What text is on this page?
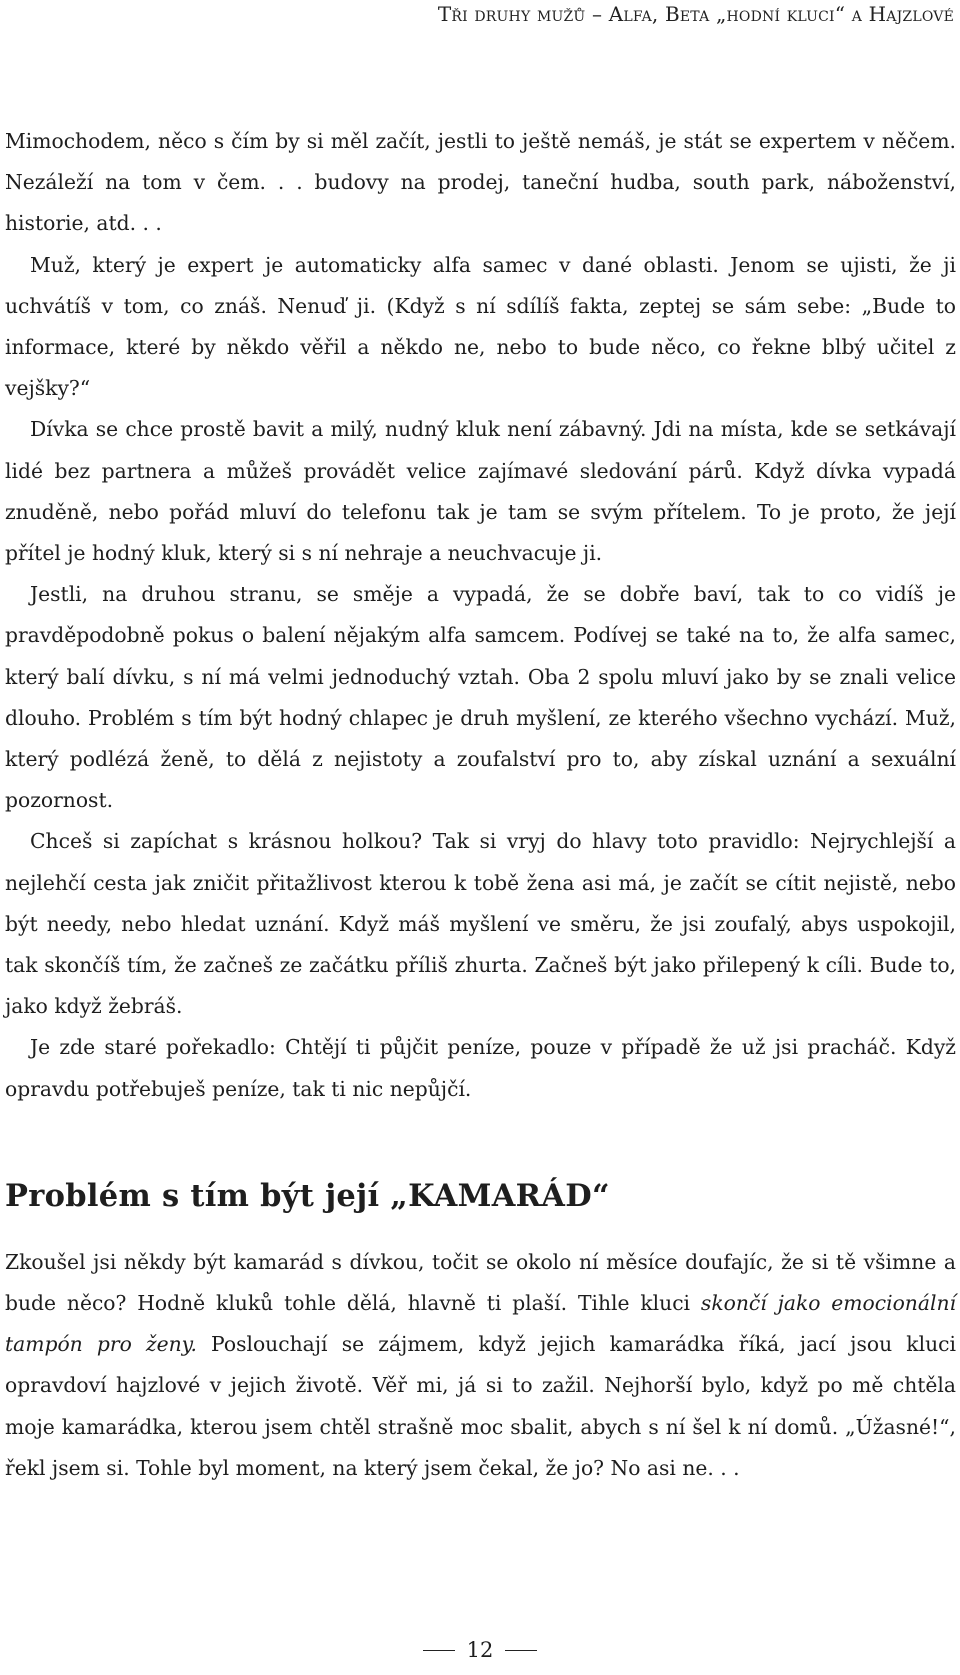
Tři druhy mužů – Alfa, Beta „hodní kluci“ a Hajzlové

Mimochodem, něco s čím by si měl začít, jestli to ještě nemáš, je stát se expertem v něčem. Nezáleží na tom v čem. . . budovy na prodej, taneční hudba, south park, náboženství, historie, atd. . .

Muž, který je expert je automaticky alfa samec v dané oblasti. Jenom se ujisti, že ji uchvátíš v tom, co znáš. Nenuď ji. (Když s ní sdílíš fakta, zeptej se sám sebe: „Bude to informace, které by někdo věřil a někdo ne, nebo to bude něco, co řekne blbý učitel z vejšky?“

Dívka se chce prostě bavit a milý, nudný kluk není zábavný. Jdi na místa, kde se setkávají lidé bez partnera a můžeš provádět velice zajímavé sledování párů. Když dívka vypadá znuděně, nebo pořád mluví do telefonu tak je tam se svým přítelem. To je proto, že její přítel je hodný kluk, který si s ní nehraje a neuchvacuje ji.

Jestli, na druhou stranu, se směje a vypadá, že se dobře baví, tak to co vidíš je pravděpodobně pokus o balení nějakým alfa samcem. Podívej se také na to, že alfa samec, který balí dívku, s ní má velmi jednoduchý vztah. Oba 2 spolu mluví jako by se znali velice dlouho. Problém s tím být hodný chlapec je druh myšlení, ze kterého všechno vychází. Muž, který podlézá ženě, to dělá z nejistoty a zoufalství pro to, aby získal uznání a sexuální pozornost.

Chceš si zapíchat s krásnou holkou? Tak si vryj do hlavy toto pravidlo: Nejrychlejší a nejlehčí cesta jak zničit přitažlivost kterou k tobě žena asi má, je začít se cítit nejistě, nebo být needy, nebo hledat uznání. Když máš myšlení ve směru, že jsi zoufalý, abys uspokojil, tak skončíš tím, že začneš ze začátku příliš zhurta. Začneš být jako přilepený k cíli. Bude to, jako když žebráš.

Je zde staré pořekadlo: Chtějí ti půjčit peníze, pouze v případě že už jsi pracháč. Když opravdu potřebuješ peníze, tak ti nic nepůjčí.

Problém s tím být její „KAMARÁD“

Zkoušel jsi někdy být kamarád s dívkou, točit se okolo ní měsíce doufajíc, že si tě všimne a bude něco? Hodně kluků tohle dělá, hlavně ti plaší. Tihle kluci skončí jako emocionální tampón pro ženy. Poslouchají se zájmem, když jejich kamarádka říká, jací jsou kluci opravdoví hajzlové v jejich životě. Věř mi, já si to zažil. Nejhorší bylo, když po mě chtěla moje kamarádka, kterou jsem chtěl strašně moc sbalit, abych s ní šel k ní domů. „Úžasné!“, řekl jsem si. Tohle byl moment, na který jsem čekal, že jo? No asi ne. . .

12
